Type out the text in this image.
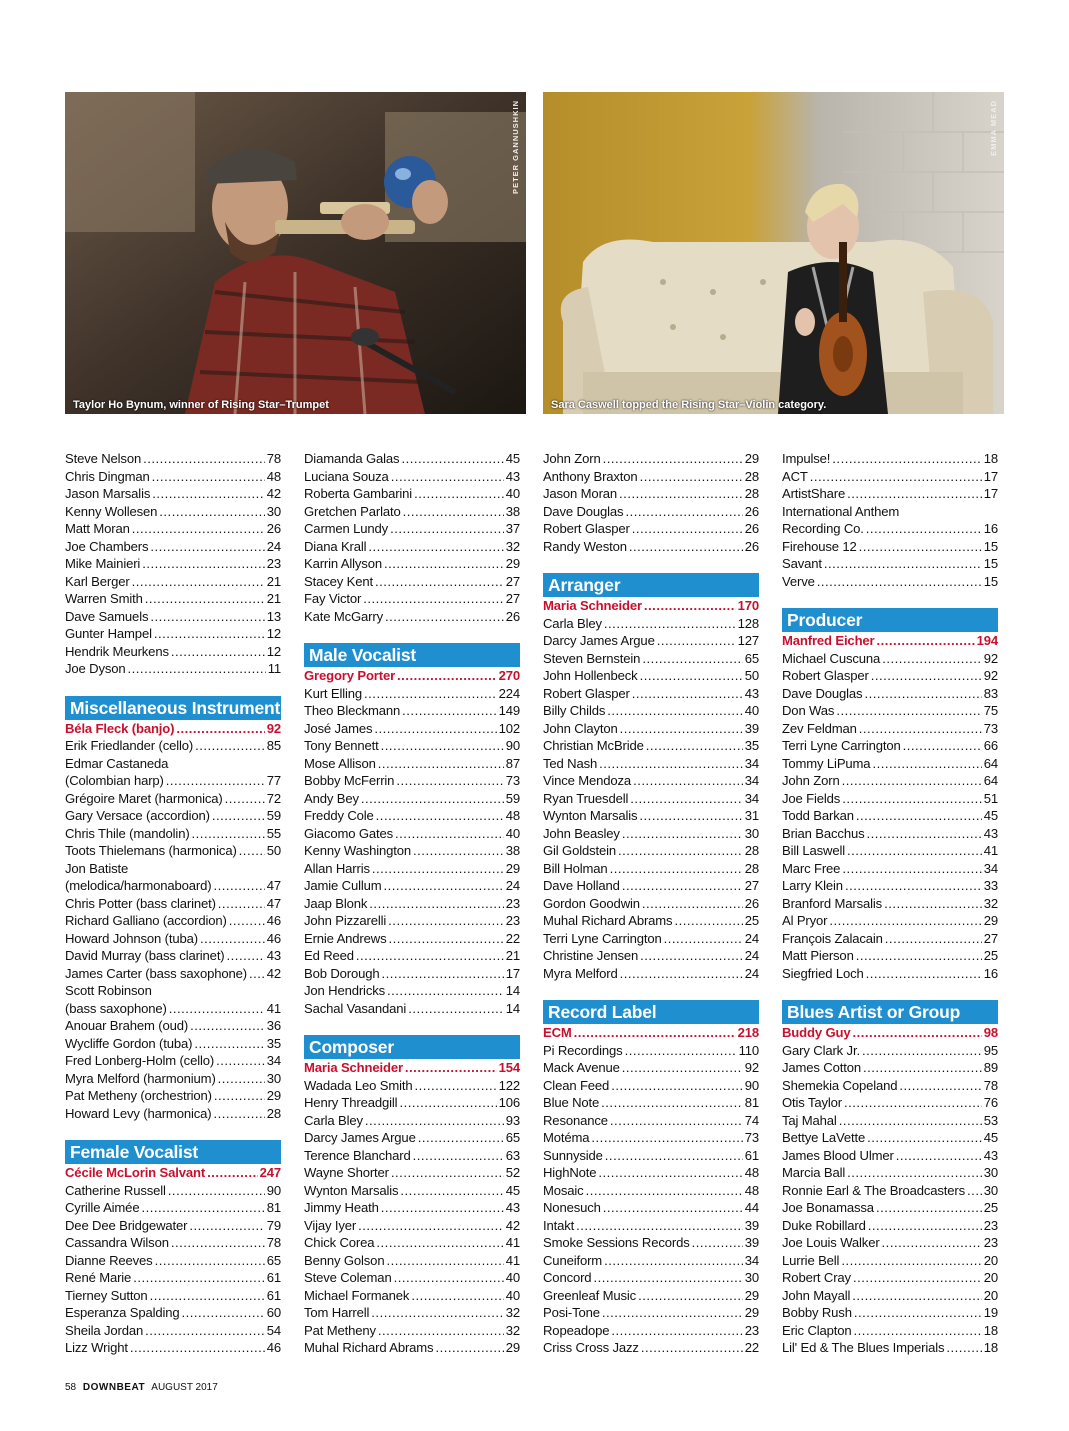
PETER GANNUSHKIN
Taylor Ho Bynum, winner of Rising Star–Trumpet
EMMA MEAD
Sara Caswell topped the Rising Star–Violin category.
Steve Nelson .....	78
Chris Dingman .....	48
Jason Marsalis .....	42
Kenny Wollesen .....	30
Matt Moran .....	26
Joe Chambers .....	24
Mike Mainieri .....	23
Karl Berger .....	21
Warren Smith .....	21
Dave Samuels .....	13
Gunter Hampel .....	12
Hendrik Meurkens .....	12
Joe Dyson .....	11
Miscellaneous Instrument
Béla Fleck (banjo) .....	92
Erik Friedlander (cello) .....	85
Edmar Castaneda
(Colombian harp) .....	77
Grégoire Maret (harmonica) .....	72
Gary Versace (accordion) .....	59
Chris Thile (mandolin) .....	55
Toots Thielemans (harmonica) ..... 50
Jon Batiste
(melodica/harmonaboard) .....	47
Chris Potter (bass clarinet) .....	47
Richard Galliano (accordion) .....	46
Howard Johnson (tuba) .....	46
David Murray (bass clarinet) .....	43
James Carter (bass saxophone) ..... 42
Scott Robinson
(bass saxophone) .....	41
Anouar Brahem (oud) .....	36
Wycliffe Gordon (tuba) .....	35
Fred Lonberg-Holm (cello) .....	34
Myra Melford (harmonium) .....	30
Pat Metheny (orchestrion) .....	29
Howard Levy (harmonica) .....	28
Female Vocalist
Cécile McLorin Salvant .....	247
Catherine Russell .....	90
Cyrille Aimée .....	81
Dee Dee Bridgewater .....	79
Cassandra Wilson .....	78
Dianne Reeves .....	65
René Marie .....	61
Tierney Sutton .....	61
Esperanza Spalding .....	60
Sheila Jordan .....	54
Lizz Wright .....	46
Diamanda Galas .....	45
Luciana Souza .....	43
Roberta Gambarini .....	40
Gretchen Parlato .....	38
Carmen Lundy .....	37
Diana Krall .....	32
Karrin Allyson .....	29
Stacey Kent .....	27
Fay Victor .....	27
Kate McGarry .....	26
Male Vocalist
Gregory Porter .....	270
Kurt Elling .....	224
Theo Bleckmann .....	149
José James .....	102
Tony Bennett .....	90
Mose Allison .....	87
Bobby McFerrin .....	73
Andy Bey .....	59
Freddy Cole .....	48
Giacomo Gates .....	40
Kenny Washington .....	38
Allan Harris .....	29
Jamie Cullum .....	24
Jaap Blonk .....	23
John Pizzarelli .....	23
Ernie Andrews .....	22
Ed Reed .....	21
Bob Dorough .....	17
Jon Hendricks .....	14
Sachal Vasandani .....	14
Composer
Maria Schneider .....	154
Wadada Leo Smith .....	122
Henry Threadgill .....	106
Carla Bley .....	93
Darcy James Argue .....	65
Terence Blanchard .....	63
Wayne Shorter .....	52
Wynton Marsalis .....	45
Jimmy Heath .....	43
Vijay Iyer .....	42
Chick Corea .....	41
Benny Golson .....	41
Steve Coleman .....	40
Michael Formanek .....	40
Tom Harrell .....	32
Pat Metheny .....	32
Muhal Richard Abrams .....	29
John Zorn .....	29
Anthony Braxton .....	28
Jason Moran .....	28
Dave Douglas .....	26
Robert Glasper .....	26
Randy Weston .....	26
Arranger
Maria Schneider .....	170
Carla Bley .....	128
Darcy James Argue .....	127
Steven Bernstein .....	65
John Hollenbeck .....	50
Robert Glasper .....	43
Billy Childs .....	40
John Clayton .....	39
Christian McBride .....	35
Ted Nash .....	34
Vince Mendoza .....	34
Ryan Truesdell .....	34
Wynton Marsalis .....	31
John Beasley .....	30
Gil Goldstein .....	28
Bill Holman .....	28
Dave Holland .....	27
Gordon Goodwin .....	26
Muhal Richard Abrams .....	25
Terri Lyne Carrington .....	24
Christine Jensen .....	24
Myra Melford .....	24
Record Label
ECM .....	218
Pi Recordings .....	110
Mack Avenue .....	92
Clean Feed .....	90
Blue Note .....	81
Resonance .....	74
Motéma .....	73
Sunnyside .....	61
HighNote .....	48
Mosaic .....	48
Nonesuch .....	44
Intakt .....	39
Smoke Sessions Records .....	39
Cuneiform .....	34
Concord .....	30
Greenleaf Music .....	29
Posi-Tone .....	29
Ropeadope .....	23
Criss Cross Jazz .....	22
Impulse! .....	18
ACT .....	17
ArtistShare .....	17
International Anthem
Recording Co. .....	16
Firehouse 12 .....	15
Savant .....	15
Verve .....	15
Producer
Manfred Eicher .....	194
Michael Cuscuna .....	92
Robert Glasper .....	92
Dave Douglas .....	83
Don Was .....	75
Zev Feldman .....	73
Terri Lyne Carrington .....	66
Tommy LiPuma .....	64
John Zorn .....	64
Joe Fields .....	51
Todd Barkan .....	45
Brian Bacchus .....	43
Bill Laswell .....	41
Marc Free .....	34
Larry Klein .....	33
Branford Marsalis .....	32
Al Pryor .....	29
François Zalacain .....	27
Matt Pierson .....	25
Siegfried Loch .....	16
Blues Artist or Group
Buddy Guy .....	98
Gary Clark Jr. .....	95
James Cotton .....	89
Shemekia Copeland .....	78
Otis Taylor .....	76
Taj Mahal .....	53
Bettye LaVette .....	45
James Blood Ulmer .....	43
Marcia Ball .....	30
Ronnie Earl & The Broadcasters ..... 30
Joe Bonamassa .....	25
Duke Robillard .....	23
Joe Louis Walker .....	23
Lurrie Bell .....	20
Robert Cray .....	20
John Mayall .....	20
Bobby Rush .....	19
Eric Clapton .....	18
Lil' Ed & The Blues Imperials .....	18
58 DOWNBEAT AUGUST 2017
